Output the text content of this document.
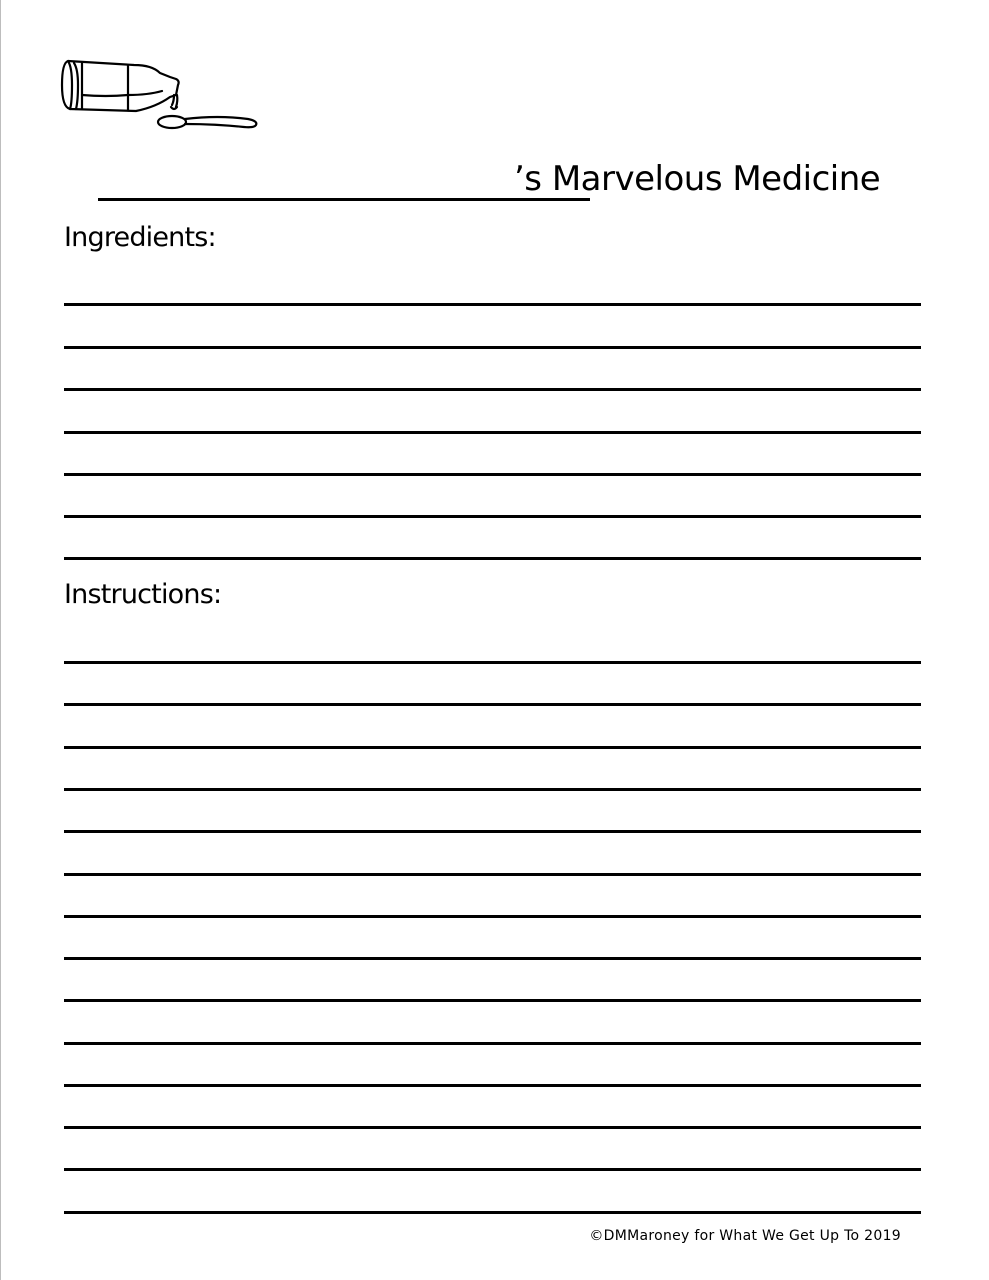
’s Marvelous Medicine
Ingredients:
Instructions:
©DMMaroney for What We Get Up To 2019
